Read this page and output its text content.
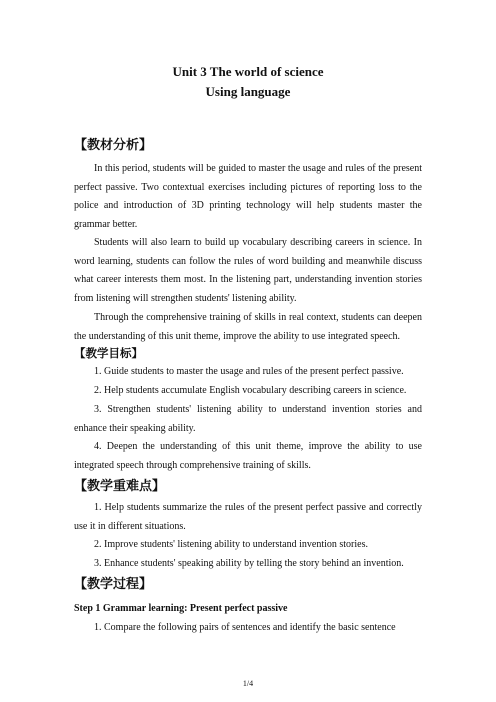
Unit 3 The world of science
Using language
【教材分析】

In this period, students will be guided to master the usage and rules of the present perfect passive. Two contextual exercises including pictures of reporting loss to the police and introduction of 3D printing technology will help students master the grammar better.

Students will also learn to build up vocabulary describing careers in science. In word learning, students can follow the rules of word building and meanwhile discuss what career interests them most. In the listening part, understanding invention stories from listening will strengthen students' listening ability.

Through the comprehensive training of skills in real context, students can deepen the understanding of this unit theme, improve the ability to use integrated speech.

【教学目标】

1. Guide students to master the usage and rules of the present perfect passive.

2. Help students accumulate English vocabulary describing careers in science.

3. Strengthen students' listening ability to understand invention stories and enhance their speaking ability.

4. Deepen the understanding of this unit theme, improve the ability to use integrated speech through comprehensive training of skills.

【教学重难点】

1. Help students summarize the rules of the present perfect passive and correctly use it in different situations.

2. Improve students' listening ability to understand invention stories.

3. Enhance students' speaking ability by telling the story behind an invention.

【教学过程】
Step 1 Grammar learning: Present perfect passive

1. Compare the following pairs of sentences and identify the basic sentence

1/4
